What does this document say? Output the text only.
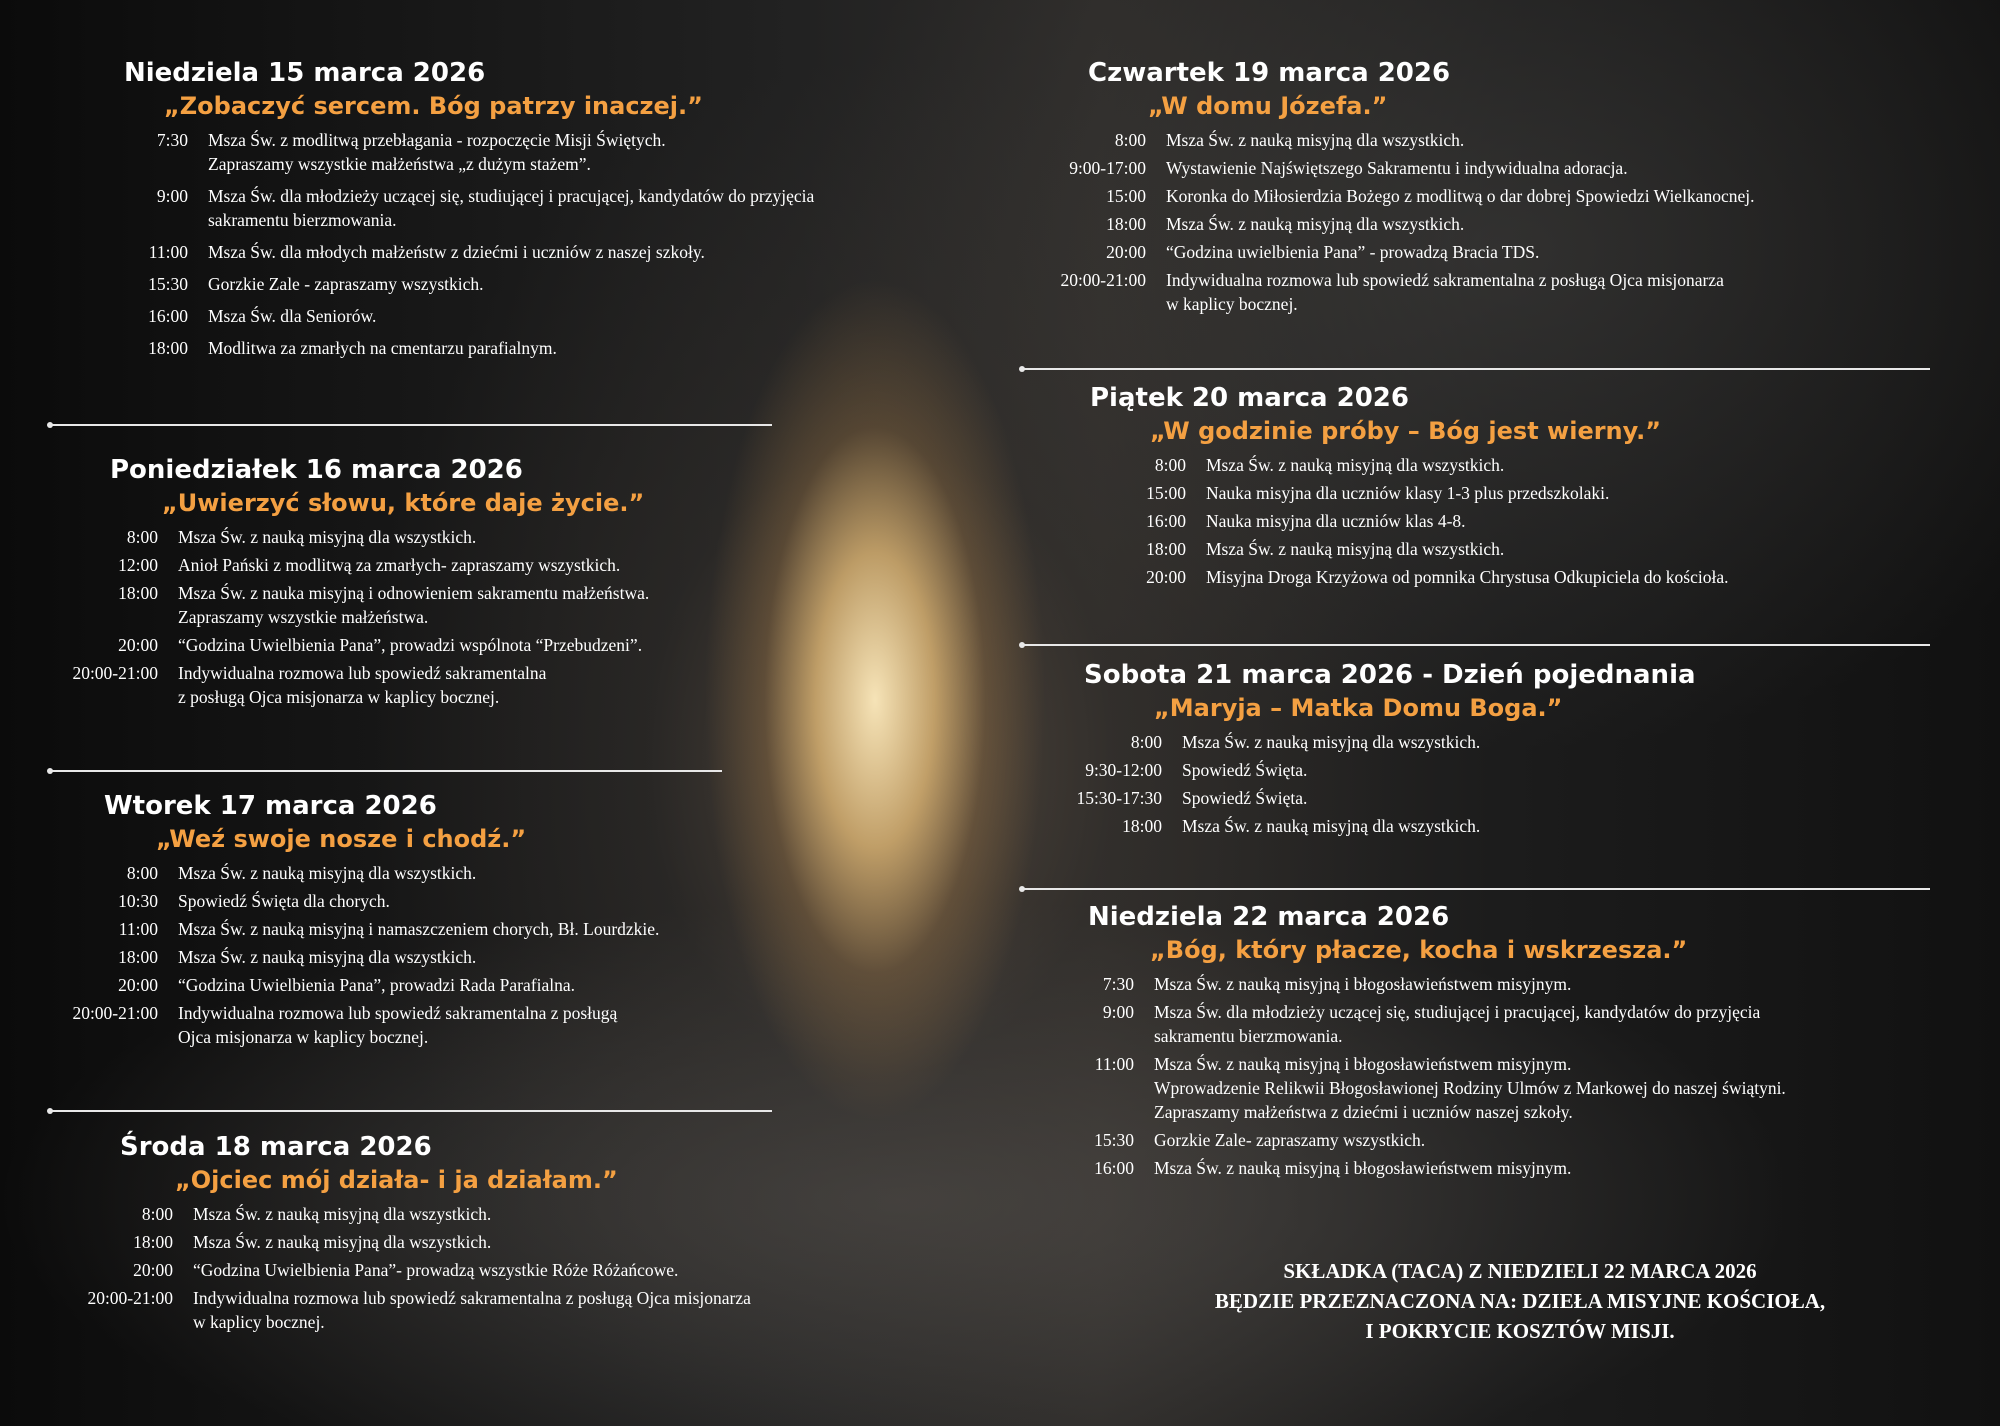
Niedziela 15 marca 2026
„Zobaczyć sercem. Bóg patrzy inaczej.”
7:30	Msza Św. z modlitwą przebłagania - rozpoczęcie Misji Świętych.
Zapraszamy wszystkie małżeństwa „z dużym stażem”.
9:00	Msza Św. dla młodzieży uczącej się, studiującej i pracującej, kandydatów do przyjęcia
sakramentu bierzmowania.
11:00	Msza Św. dla młodych małżeństw z dziećmi i uczniów z naszej szkoły.
15:30	Gorzkie Zale - zapraszamy wszystkich.
16:00	Msza Św. dla Seniorów.
18:00	Modlitwa za zmarłych na cmentarzu parafialnym.
Poniedziałek 16 marca 2026
„Uwierzyć słowu, które daje życie.”
8:00	Msza Św. z nauką misyjną dla wszystkich.
12:00	Anioł Pański z modlitwą za zmarłych- zapraszamy wszystkich.
18:00	Msza Św. z nauka misyjną i odnowieniem sakramentu małżeństwa.
Zapraszamy wszystkie małżeństwa.
20:00	“Godzina Uwielbienia Pana”, prowadzi wspólnota “Przebudzeni”.
20:00-21:00	Indywidualna rozmowa lub spowiedź sakramentalna
z posługą Ojca misjonarza w kaplicy bocznej.
Wtorek 17 marca 2026
„Weź swoje nosze i chodź.”
8:00	Msza Św. z nauką misyjną dla wszystkich.
10:30	Spowiedź Święta dla chorych.
11:00	Msza Św. z nauką misyjną i namaszczeniem chorych, Bł. Lourdzkie.
18:00	Msza Św. z nauką misyjną dla wszystkich.
20:00	“Godzina Uwielbienia Pana”, prowadzi Rada Parafialna.
20:00-21:00	Indywidualna rozmowa lub spowiedź sakramentalna z posługą
Ojca misjonarza w kaplicy bocznej.
Środa 18 marca 2026
„Ojciec mój działa- i ja działam.”
8:00	Msza Św. z nauką misyjną dla wszystkich.
18:00	Msza Św. z nauką misyjną dla wszystkich.
20:00	“Godzina Uwielbienia Pana”- prowadzą wszystkie Róże Różańcowe.
20:00-21:00	Indywidualna rozmowa lub spowiedź sakramentalna z posługą Ojca misjonarza
w kaplicy bocznej.
Czwartek 19 marca 2026
„W domu Józefa.”
8:00	Msza Św. z nauką misyjną dla wszystkich.
9:00-17:00	Wystawienie Najświętszego Sakramentu i indywidualna adoracja.
15:00	Koronka do Miłosierdzia Bożego z modlitwą o dar dobrej Spowiedzi Wielkanocnej.
18:00	Msza Św. z nauką misyjną dla wszystkich.
20:00	“Godzina uwielbienia Pana” - prowadzą Bracia TDS.
20:00-21:00	Indywidualna rozmowa lub spowiedź sakramentalna z posługą Ojca misjonarza
w kaplicy bocznej.
Piątek 20 marca 2026
„W godzinie próby – Bóg jest wierny.”
8:00	Msza Św. z nauką misyjną dla wszystkich.
15:00	Nauka misyjna dla uczniów klasy 1-3 plus przedszkolaki.
16:00	Nauka misyjna dla uczniów klas 4-8.
18:00	Msza Św. z nauką misyjną dla wszystkich.
20:00	Misyjna Droga Krzyżowa od pomnika Chrystusa Odkupiciela do kościoła.
Sobota 21 marca 2026 - Dzień pojednania
„Maryja – Matka Domu Boga.”
8:00	Msza Św. z nauką misyjną dla wszystkich.
9:30-12:00	Spowiedź Święta.
15:30-17:30	Spowiedź Święta.
18:00	Msza Św. z nauką misyjną dla wszystkich.
Niedziela 22 marca 2026
„Bóg, który płacze, kocha i wskrzesza.”
7:30	Msza Św. z nauką misyjną i błogosławieństwem misyjnym.
9:00	Msza Św. dla młodzieży uczącej się, studiującej i pracującej, kandydatów do przyjęcia
sakramentu bierzmowania.
11:00	Msza Św. z nauką misyjną i błogosławieństwem misyjnym.
Wprowadzenie Relikwii Błogosławionej Rodziny Ulmów z Markowej do naszej świątyni.
Zapraszamy małżeństwa z dziećmi i uczniów naszej szkoły.
15:30	Gorzkie Zale- zapraszamy wszystkich.
16:00	Msza Św. z nauką misyjną i błogosławieństwem misyjnym.
SKŁADKA (TACA) Z NIEDZIELI 22 MARCA 2026
BĘDZIE PRZEZNACZONA NA: DZIEŁA MISYJNE KOŚCIOŁA,
I POKRYCIE KOSZTÓW MISJI.
